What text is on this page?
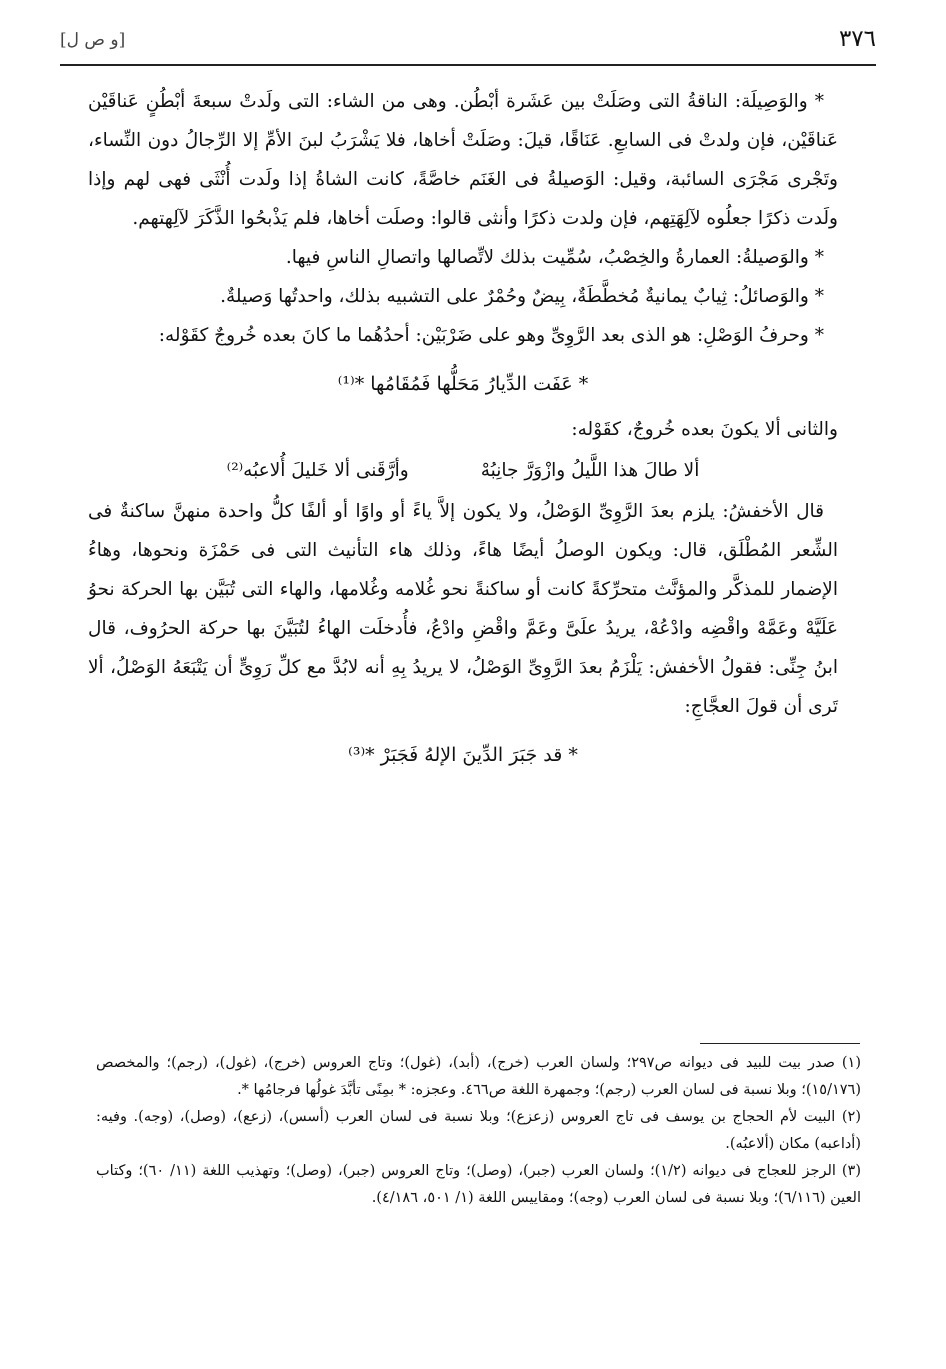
٣٧٦
[و ص ل]

* والوَصِيلَة: الناقةُ التى وصَلَتْ بين عَشَرة أبْطُن. وهى من الشاء: التى ولَدتْ سبعةَ أبْطُنٍ عَناقَيْن عَناقَيْن، فإن ولدتْ فى السابعِ. عَنَاقًا، قيلَ: وصَلَتْ أخاها، فلا يَشْرَبُ لبنَ الأمِّ إلا الرِّجالُ دون النِّساء، وتَجْرى مَجْرَى السائبة، وقيل: الوَصيلةُ فى الغَنَم خاصَّةً، كانت الشاةُ إذا ولَدت أُنْثَى فهى لهم وإذا ولَدت ذكرًا جعلُوه لآلِهَتِهم، فإن ولدت ذكرًا وأنثى قالوا: وصلَت أخاها، فلم يَذْبحُوا الذَّكَرَ لآلِهتهم.

* والوَصيلةُ: العمارةُ والخِصْبُ، سُمِّيت بذلك لاتِّصالها واتصالِ الناسِ فيها.

* والوَصائلُ: ثِيابٌ يمانيةٌ مُخطَّطَةٌ، بِيضٌ وحُمْرٌ على التشبيه بذلك، واحدتُها وَصيلةٌ.

* وحرفُ الوَصْلِ: هو الذى بعد الرَّوِىِّ وهو على ضَرْبَيْن: أحدُهُما ما كانَ بعده خُروجٌ كقَوْله:

* عَفَت الدِّيارُ مَحَلُّها فَمُقَامُها *⁽¹⁾

والثانى ألا يكونَ بعده خُروجٌ، كقَوْله:

ألا طالَ هذا اللَّيلُ وازْوَرَّ جانِبُهْ
وأرَّقَنى ألا خَليلَ أُلاعبُه⁽²⁾

قال الأخفشُ: يلزم بعدَ الرَّوِىِّ الوَصْلُ، ولا يكون إلاَّ ياءً أو واوًا أو ألفًا كلُّ واحدة منهنَّ ساكنةٌ فى الشِّعر المُطْلَق، قال: ويكون الوصلُ أيضًا هاءً، وذلك هاء التأنيث التى فى حَمْزَة ونحوها، وهاءُ الإضمار للمذكَّر والمؤنَّث متحرِّكةً كانت أو ساكنةً نحو غُلامه وغُلامها، والهاء التى تُبَيَّن بها الحركة نحوُ عَلَيَّهْ وعَمَّهْ واقْضِه وادْعُهْ، يريدُ علَىَّ وعَمَّ واقْضِ وادْعُ، فأُدخلَت الهاءُ لتُبَيَّنَ بها حركة الحرُوف، قال ابنُ جِنِّى: فقولُ الأخفش: يَلْزَمُ بعدَ الرَّوِىِّ الوَصْلُ، لا يريدُ بِهِ أنه لابُدَّ مع كلِّ رَوِىٍّ أن يَتْبَعَهُ الوَصْلُ، ألا تَرى أن قولَ العجَّاجِ:

* قد جَبَرَ الدِّينَ الإلهُ فَجَبَرْ *⁽³⁾

(١) صدر بيت للبيد فى ديوانه ص٢٩٧؛ ولسان العرب (خرج)، (أبد)، (غول)؛ وتاج العروس (خرج)، (غول)، (رجم)؛ والمخصص (١٥/١٧٦)؛ وبلا نسبة فى لسان العرب (رجم)؛ وجمهرة اللغة ص٤٦٦. وعجزه: * بمِنًى تأبَّدَ غولُها فرجامُها *.

(٢) البيت لأم الحجاج بن يوسف فى تاج العروس (زعزع)؛ وبلا نسبة فى لسان العرب (أسس)، (زعع)، (وصل)، (وجه). وفيه: (أداعبه) مكان (ألاعبُه).

(٣) الرجز للعجاج فى ديوانه (١/٢)؛ ولسان العرب (جبر)، (وصل)؛ وتاج العروس (جبر)، (وصل)؛ وتهذيب اللغة (١١/ ٦٠)؛ وكتاب العين (٦/١١٦)؛ وبلا نسبة فى لسان العرب (وجه)؛ ومقاييس اللغة (١/ ٥٠١، ٤/١٨٦).
